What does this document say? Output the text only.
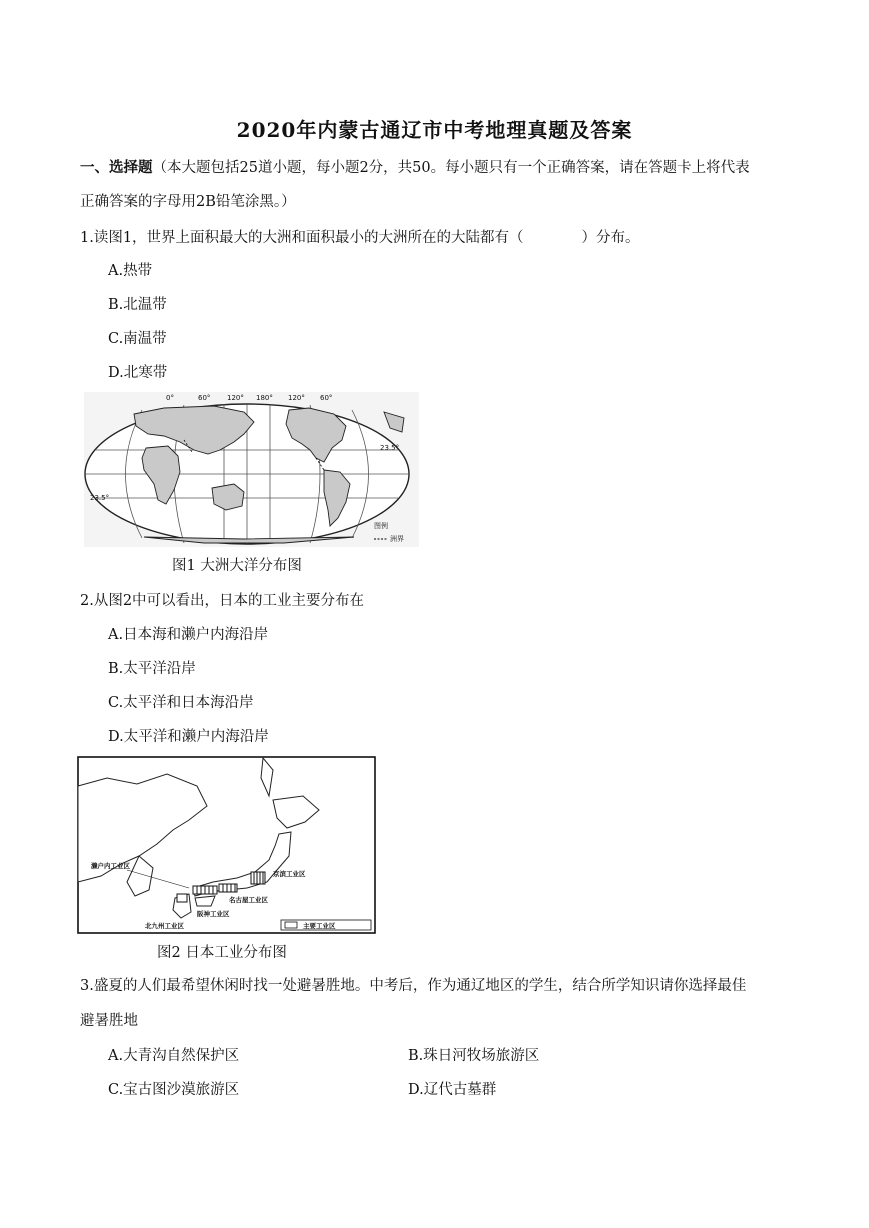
2020年内蒙古通辽市中考地理真题及答案
一、选择题（本大题包括25道小题，每小题2分，共50。每小题只有一个正确答案，请在答题卡上将代表
正确答案的字母用2B铅笔涂黑。）
1.读图1，世界上面积最大的大洲和面积最小的大洲所在的大陆都有（　　　　）分布。
A.热带
B.北温带
C.南温带
D.北寒带
0°	60° 120° 180° 120° 60°
23.5°
23.5°
图例
洲界
图1 大洲大洋分布图
2.从图2中可以看出，日本的工业主要分布在
A.日本海和濑户内海沿岸
B.太平洋沿岸
C.太平洋和日本海沿岸
D.太平洋和濑户内海沿岸
濑户内工业区
京滨工业区
名古屋工业区
阪神工业区
北九州工业区	主要工业区
图2 日本工业分布图
3.盛夏的人们最希望休闲时找一处避暑胜地。中考后，作为通辽地区的学生，结合所学知识请你选择最佳
避暑胜地
A.大青沟自然保护区	B.珠日河牧场旅游区
C.宝古图沙漠旅游区	D.辽代古墓群
